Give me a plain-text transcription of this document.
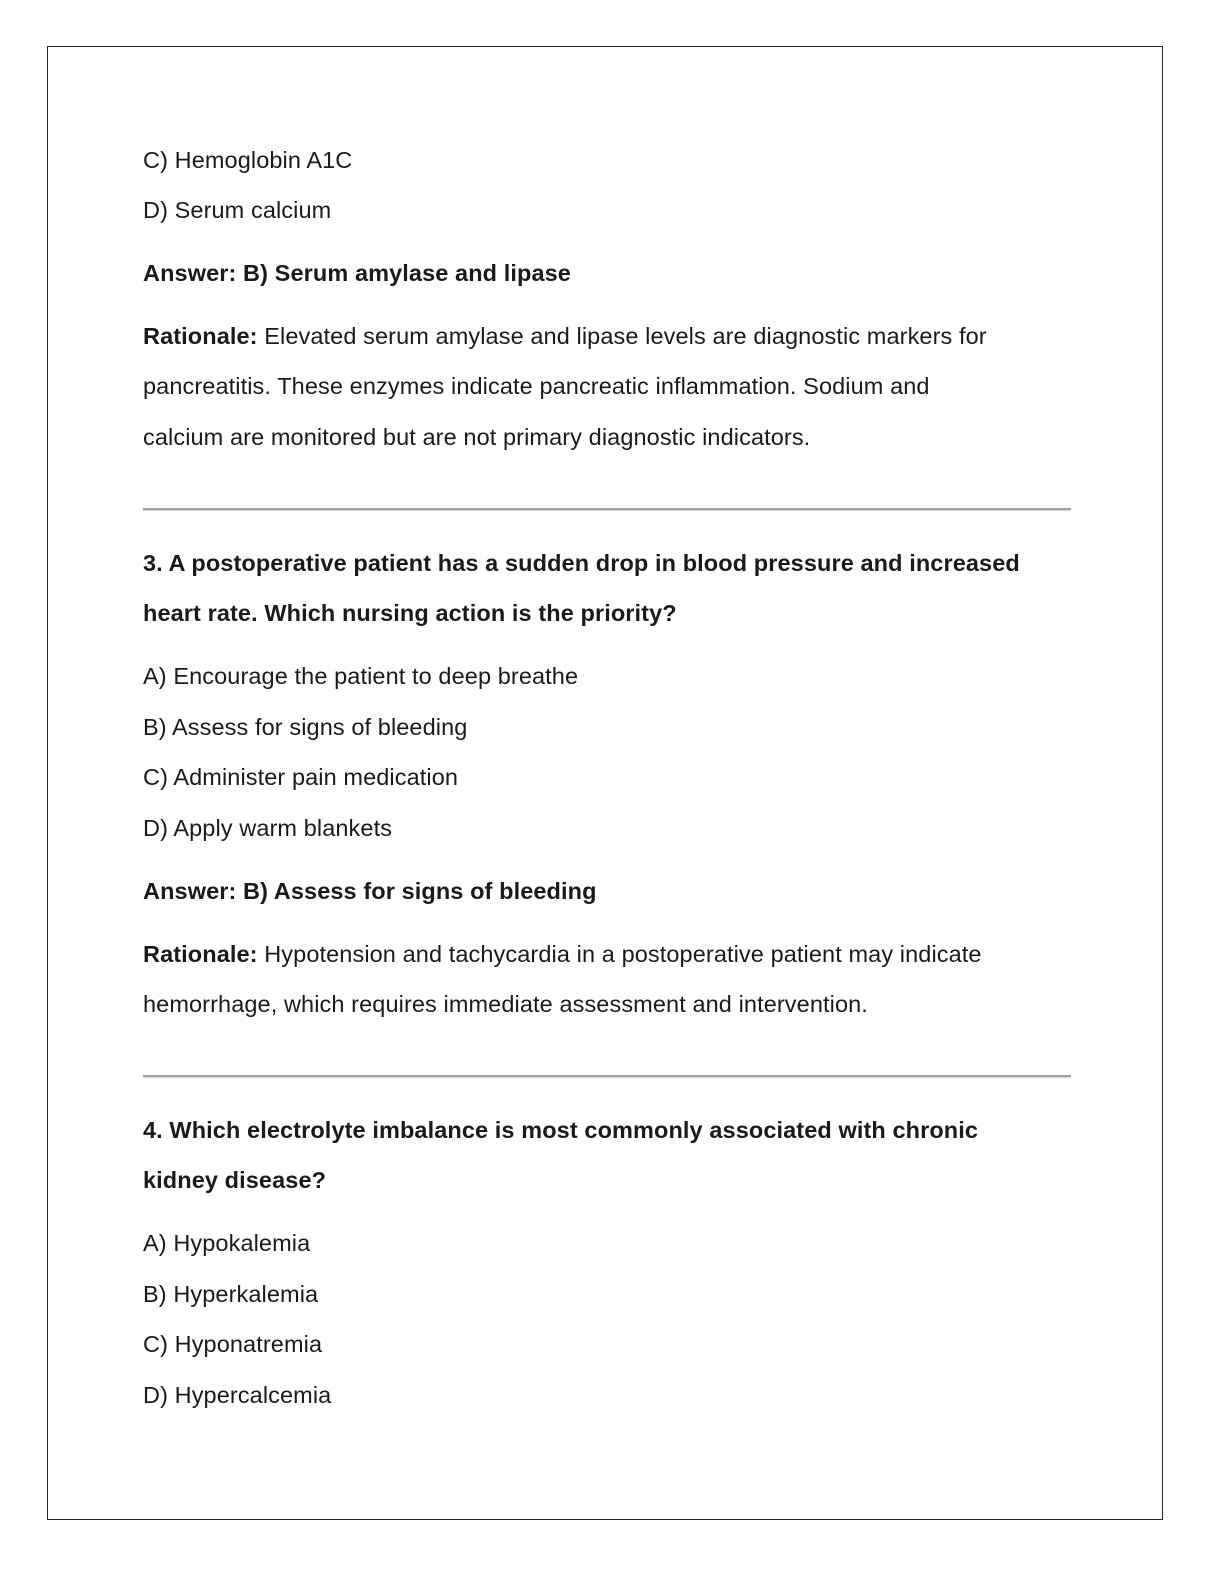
C) Hemoglobin A1C
D) Serum calcium
Answer: B) Serum amylase and lipase
Rationale: Elevated serum amylase and lipase levels are diagnostic markers for
pancreatitis. These enzymes indicate pancreatic inflammation. Sodium and
calcium are monitored but are not primary diagnostic indicators.
3. A postoperative patient has a sudden drop in blood pressure and increased
heart rate. Which nursing action is the priority?
A) Encourage the patient to deep breathe
B) Assess for signs of bleeding
C) Administer pain medication
D) Apply warm blankets
Answer: B) Assess for signs of bleeding
Rationale: Hypotension and tachycardia in a postoperative patient may indicate
hemorrhage, which requires immediate assessment and intervention.
4. Which electrolyte imbalance is most commonly associated with chronic
kidney disease?
A) Hypokalemia
B) Hyperkalemia
C) Hyponatremia
D) Hypercalcemia
